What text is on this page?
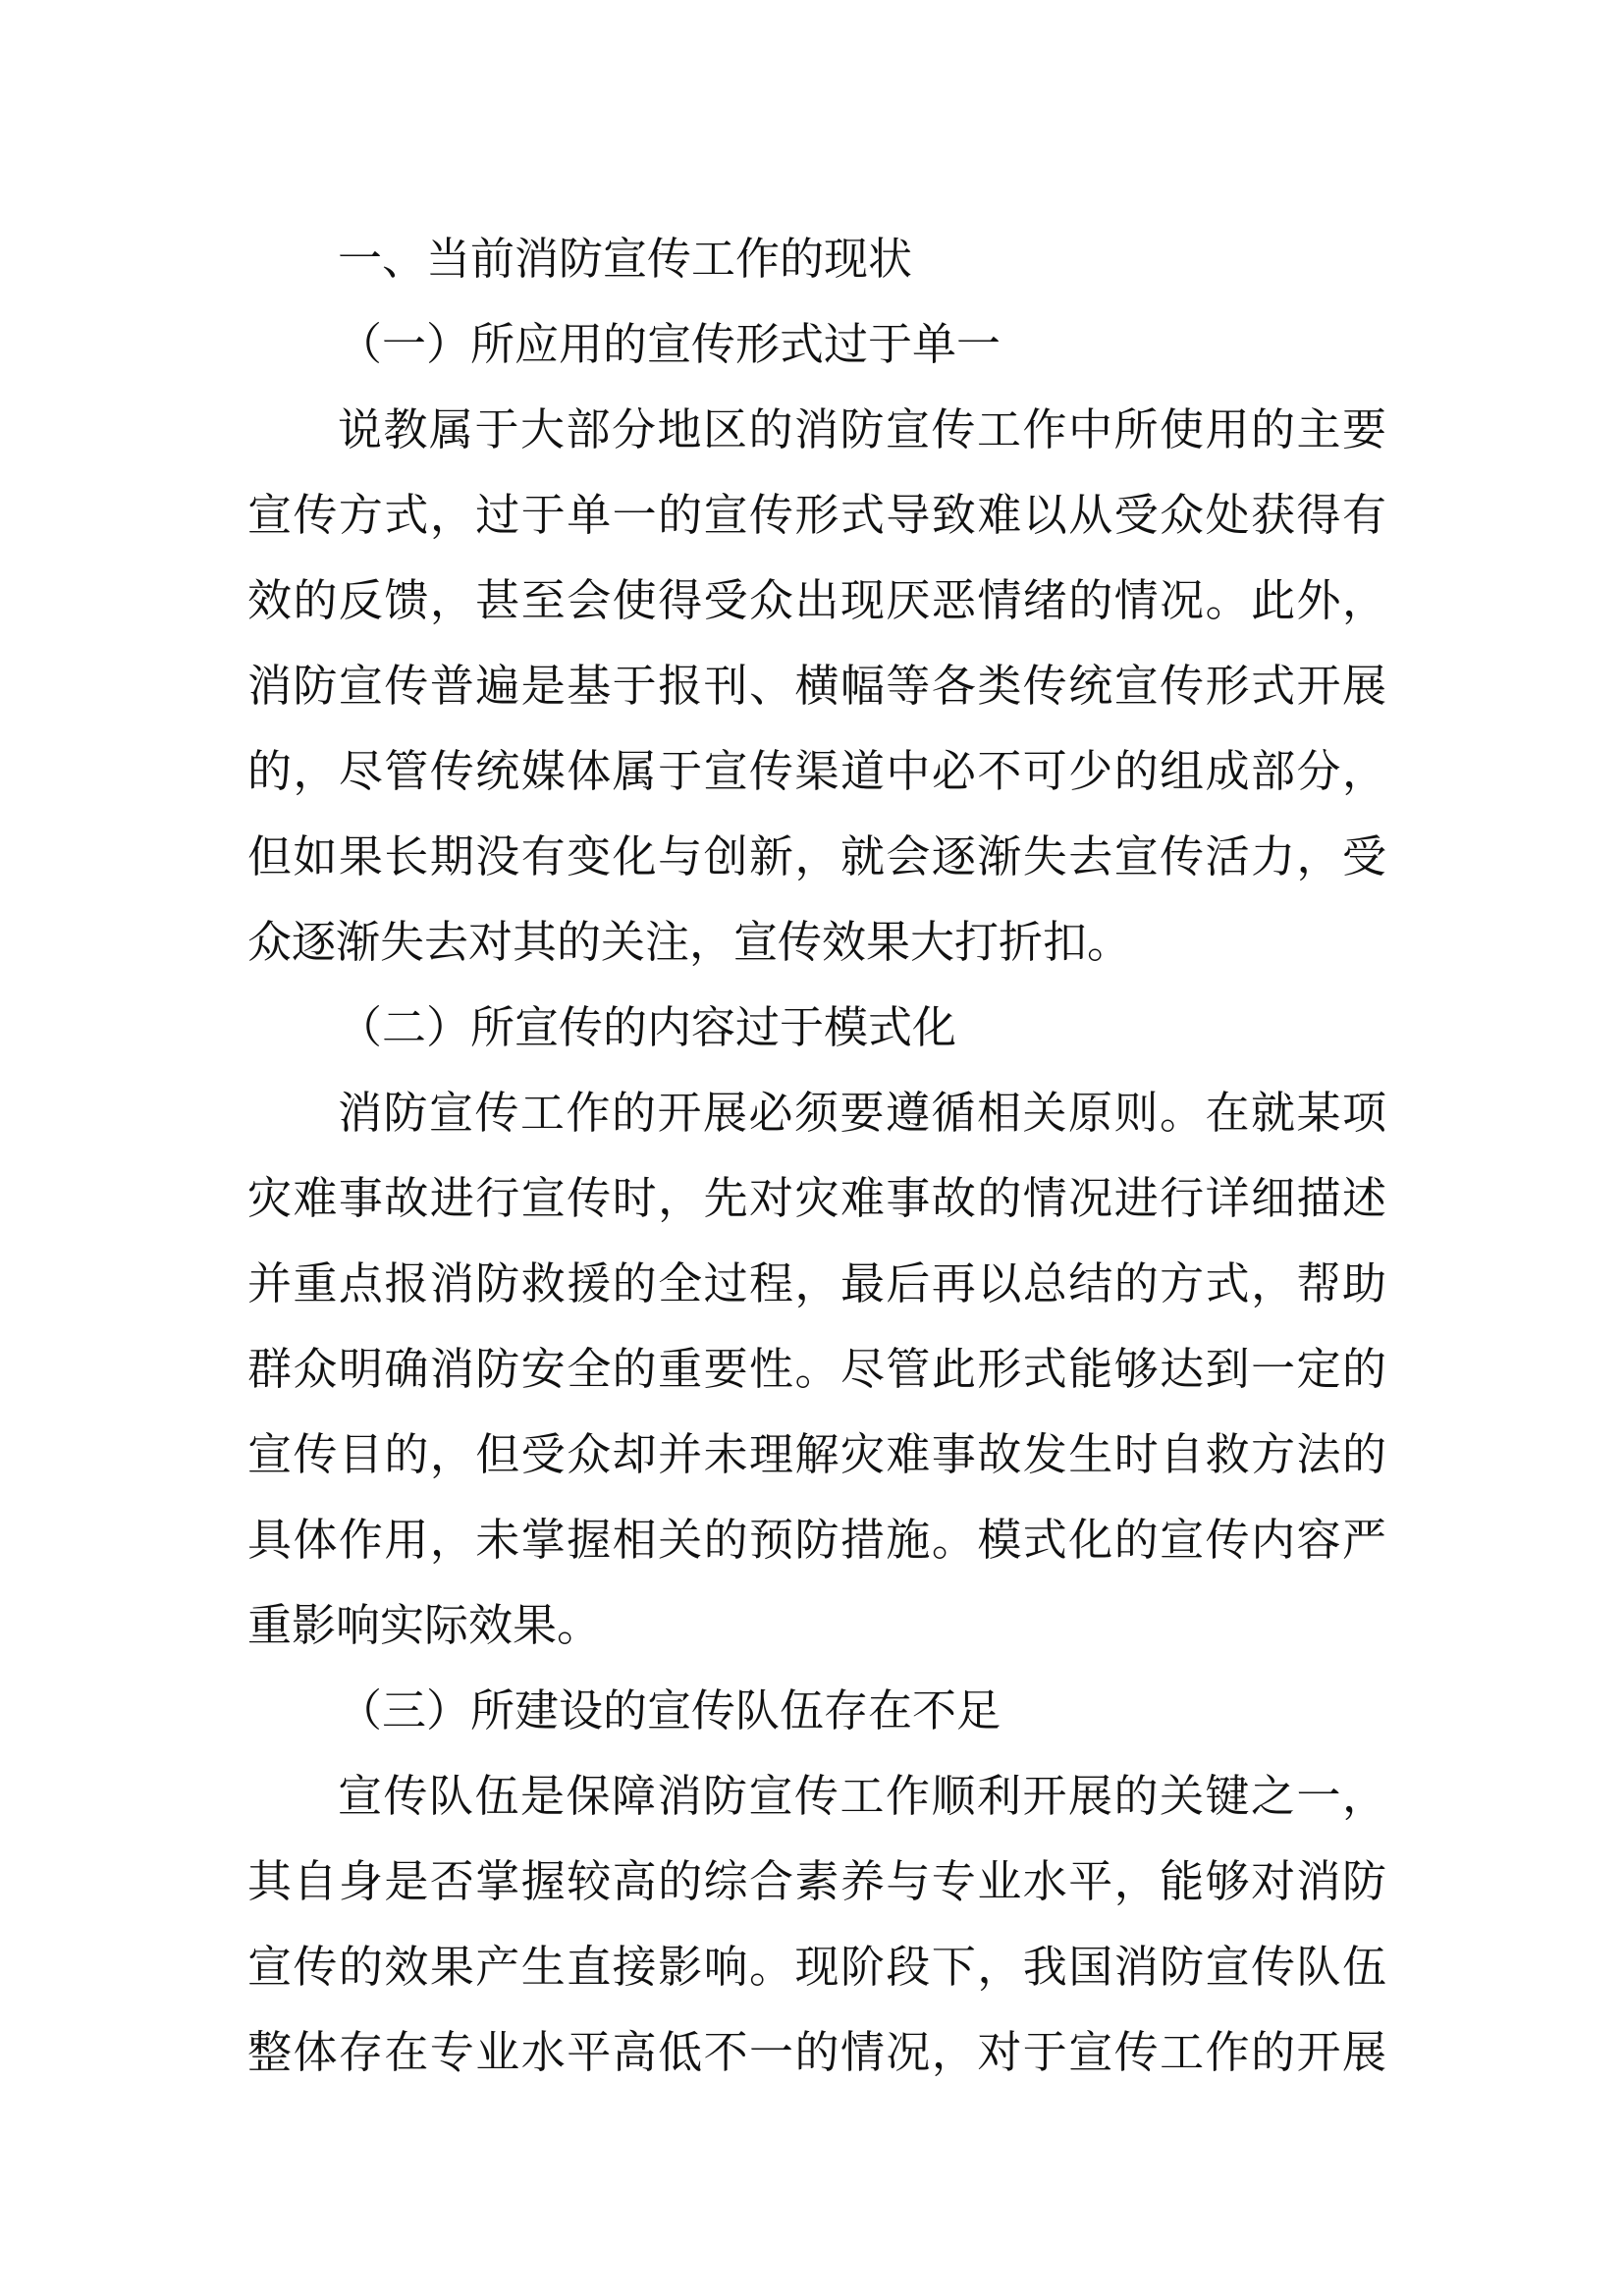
一、当前消防宣传工作的现状
（一）所应用的宣传形式过于单一
说教属于大部分地区的消防宣传工作中所使用的主要
宣传方式，过于单一的宣传形式导致难以从受众处获得有
效的反馈，甚至会使得受众出现厌恶情绪的情况。此外，
消防宣传普遍是基于报刊、横幅等各类传统宣传形式开展
的，尽管传统媒体属于宣传渠道中必不可少的组成部分，
但如果长期没有变化与创新，就会逐渐失去宣传活力，受
众逐渐失去对其的关注，宣传效果大打折扣。
（二）所宣传的内容过于模式化
消防宣传工作的开展必须要遵循相关原则。在就某项
灾难事故进行宣传时，先对灾难事故的情况进行详细描述
并重点报消防救援的全过程，最后再以总结的方式，帮助
群众明确消防安全的重要性。尽管此形式能够达到一定的
宣传目的，但受众却并未理解灾难事故发生时自救方法的
具体作用，未掌握相关的预防措施。模式化的宣传内容严
重影响实际效果。
（三）所建设的宣传队伍存在不足
宣传队伍是保障消防宣传工作顺利开展的关键之一，
其自身是否掌握较高的综合素养与专业水平，能够对消防
宣传的效果产生直接影响。现阶段下，我国消防宣传队伍
整体存在专业水平高低不一的情况，对于宣传工作的开展
